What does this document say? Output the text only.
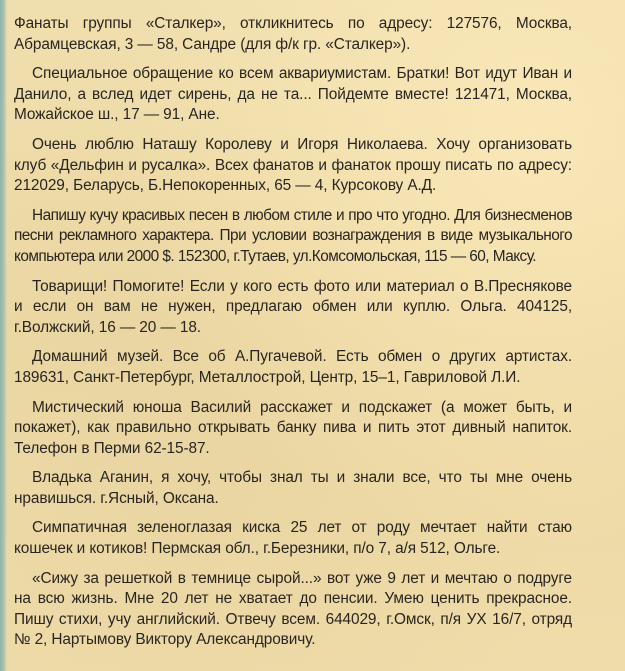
Фанаты группы «Сталкер», откликнитесь по адресу: 127576, Москва, Абрамцевская, 3 — 58, Сандре (для ф/к гр. «Сталкер»).

Специальное обращение ко всем аквариумистам. Братки! Вот идут Иван и Данило, а вслед идет сирень, да не та... Пойдемте вместе! 121471, Москва, Можайское ш., 17 — 91, Ане.

Очень люблю Наташу Королеву и Игоря Николаева. Хочу организовать клуб «Дельфин и русалка». Всех фанатов и фанаток прошу писать по адресу: 212029, Беларусь, Б.Непокоренных, 65 — 4, Курсокову А.Д.

Напишу кучу красивых песен в любом стиле и про что угодно. Для бизнесменов песни рекламного характера. При условии вознаграждения в виде музыкального компьютера или 2000 $. 152300, г.Тутаев, ул.Комсомольская, 115 — 60, Максу.

Товарищи! Помогите! Если у кого есть фото или материал о В.Преснякове и если он вам не нужен, предлагаю обмен или куплю. Ольга. 404125, г.Волжский, 16 — 20 — 18.

Домашний музей. Все об А.Пугачевой. Есть обмен о других артистах. 189631, Санкт-Петербург, Металлострой, Центр, 15–1, Гавриловой Л.И.

Мистический юноша Василий расскажет и подскажет (а может быть, и покажет), как правильно открывать банку пива и пить этот дивный напиток. Телефон в Перми 62-15-87.

Владька Аганин, я хочу, чтобы знал ты и знали все, что ты мне очень нравишься. г.Ясный, Оксана.

Симпатичная зеленоглазая киска 25 лет от роду мечтает найти стаю кошечек и котиков! Пермская обл., г.Березники, п/о 7, а/я 512, Ольге.

«Сижу за решеткой в темнице сырой...» вот уже 9 лет и мечтаю о подруге на всю жизнь. Мне 20 лет не хватает до пенсии. Умею ценить прекрасное. Пишу стихи, учу английский. Отвечу всем. 644029, г.Омск, п/я УХ 16/7, отряд № 2, Нартымову Виктору Александровичу.
